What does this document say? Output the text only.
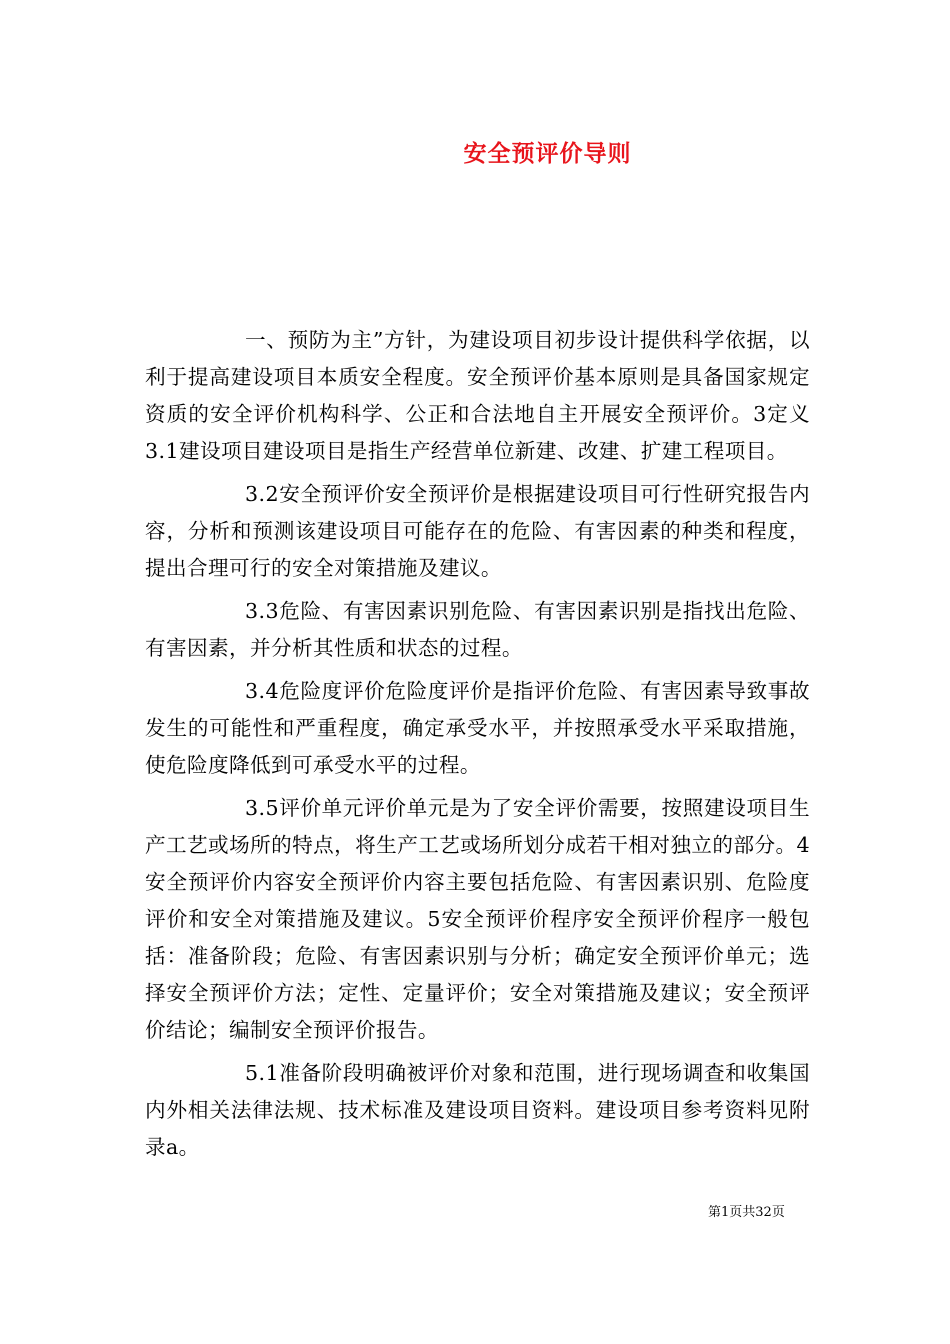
安全预评价导则

一、预防为主”方针，为建设项目初步设计提供科学依据，以利于提高建设项目本质安全程度。安全预评价基本原则是具备国家规定资质的安全评价机构科学、公正和合法地自主开展安全预评价。3定义3.1建设项目建设项目是指生产经营单位新建、改建、扩建工程项目。

3.2安全预评价安全预评价是根据建设项目可行性研究报告内容，分析和预测该建设项目可能存在的危险、有害因素的种类和程度，提出合理可行的安全对策措施及建议。

3.3危险、有害因素识别危险、有害因素识别是指找出危险、有害因素，并分析其性质和状态的过程。

3.4危险度评价危险度评价是指评价危险、有害因素导致事故发生的可能性和严重程度，确定承受水平，并按照承受水平采取措施，使危险度降低到可承受水平的过程。

3.5评价单元评价单元是为了安全评价需要，按照建设项目生产工艺或场所的特点，将生产工艺或场所划分成若干相对独立的部分。4安全预评价内容安全预评价内容主要包括危险、有害因素识别、危险度评价和安全对策措施及建议。5安全预评价程序安全预评价程序一般包括：准备阶段；危险、有害因素识别与分析；确定安全预评价单元；选择安全预评价方法；定性、定量评价；安全对策措施及建议；安全预评价结论；编制安全预评价报告。

5.1准备阶段明确被评价对象和范围，进行现场调查和收集国内外相关法律法规、技术标准及建设项目资料。建设项目参考资料见附录a。

第1页共32页
